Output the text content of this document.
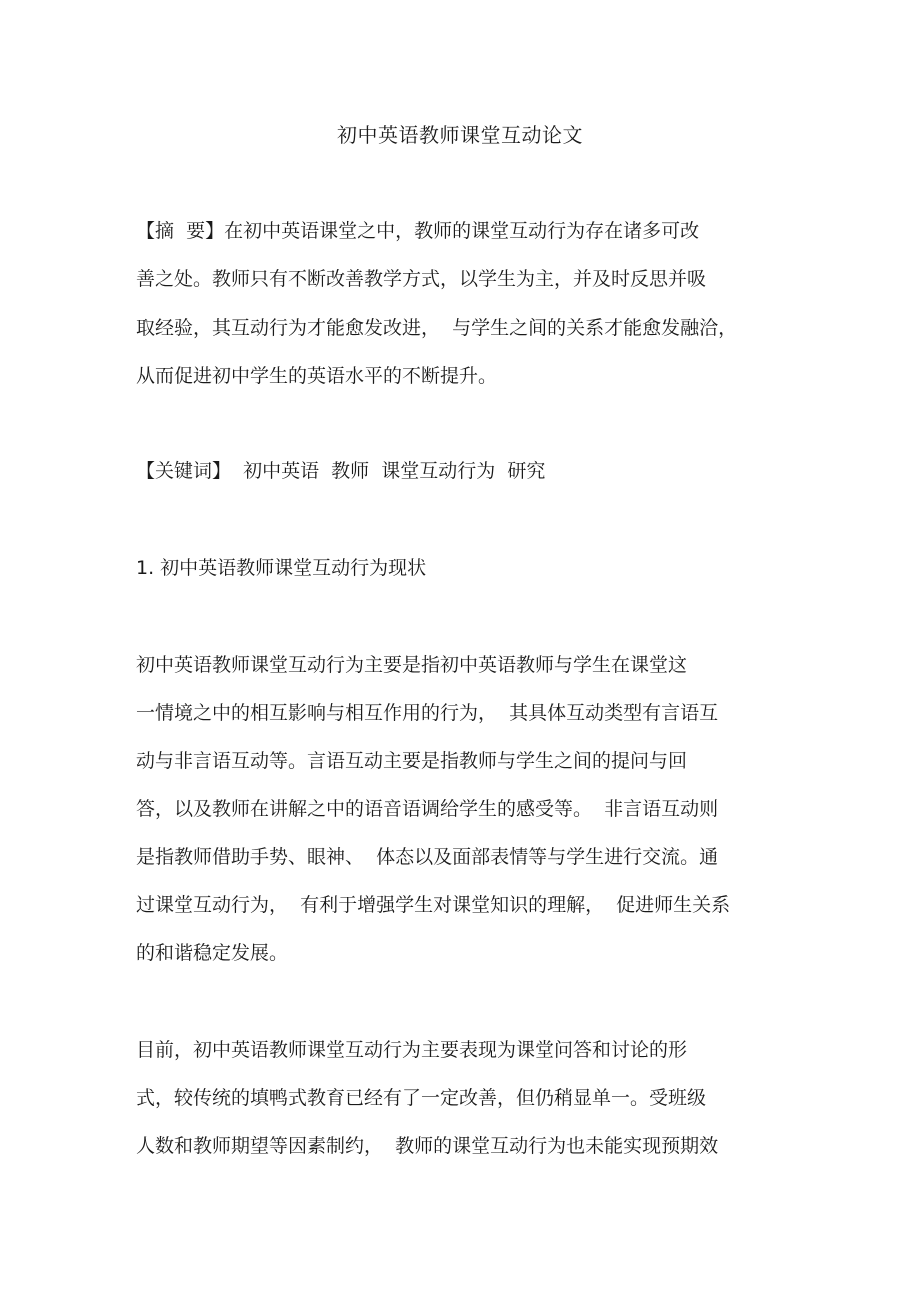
初中英语教师课堂互动论文
【摘  要】在初中英语课堂之中，教师的课堂互动行为存在诸多可改
善之处。教师只有不断改善教学方式，以学生为主，并及时反思并吸
取经验，其互动行为才能愈发改进，  与学生之间的关系才能愈发融洽，
从而促进初中学生的英语水平的不断提升。
【关键词】  初中英语  教师  课堂互动行为  研究
1. 初中英语教师课堂互动行为现状
初中英语教师课堂互动行为主要是指初中英语教师与学生在课堂这
一情境之中的相互影响与相互作用的行为，  其具体互动类型有言语互
动与非言语互动等。言语互动主要是指教师与学生之间的提问与回
答，以及教师在讲解之中的语音语调给学生的感受等。  非言语互动则
是指教师借助手势、眼神、  体态以及面部表情等与学生进行交流。通
过课堂互动行为，  有利于增强学生对课堂知识的理解，  促进师生关系
的和谐稳定发展。
目前，初中英语教师课堂互动行为主要表现为课堂问答和讨论的形
式，较传统的填鸭式教育已经有了一定改善，但仍稍显单一。受班级
人数和教师期望等因素制约，  教师的课堂互动行为也未能实现预期效
